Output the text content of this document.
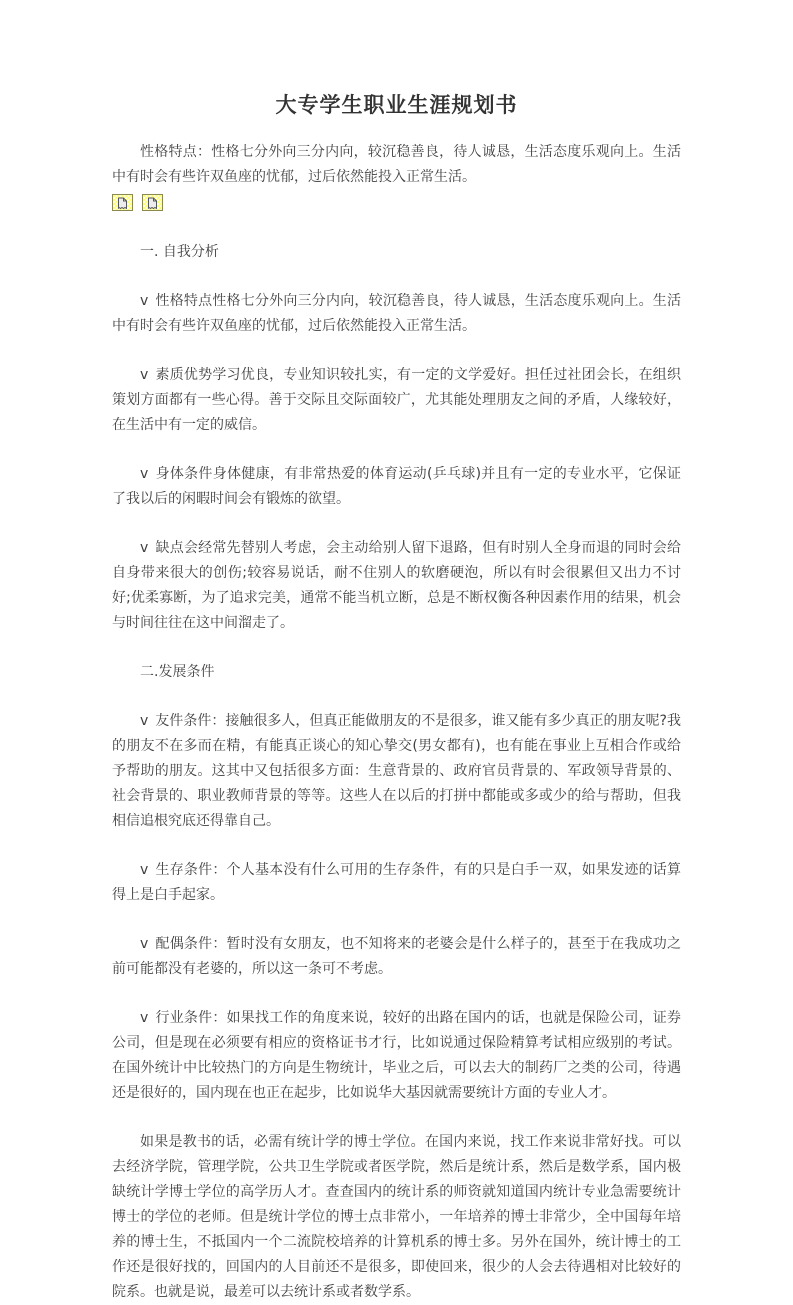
大专学生职业生涯规划书

性格特点：性格七分外向三分内向，较沉稳善良，待人诚恳，生活态度乐观向上。生活中有时会有些许双鱼座的忧郁，过后依然能投入正常生活。

一. 自我分析

v 性格特点性格七分外向三分内向，较沉稳善良，待人诚恳，生活态度乐观向上。生活中有时会有些许双鱼座的忧郁，过后依然能投入正常生活。

v 素质优势学习优良，专业知识较扎实，有一定的文学爱好。担任过社团会长，在组织策划方面都有一些心得。善于交际且交际面较广，尤其能处理朋友之间的矛盾，人缘较好，在生活中有一定的威信。

v 身体条件身体健康，有非常热爱的体育运动(乒乓球)并且有一定的专业水平，它保证了我以后的闲暇时间会有锻炼的欲望。

v 缺点会经常先替别人考虑，会主动给别人留下退路，但有时别人全身而退的同时会给自身带来很大的创伤;较容易说话，耐不住别人的软磨硬泡，所以有时会很累但又出力不讨好;优柔寡断，为了追求完美，通常不能当机立断，总是不断权衡各种因素作用的结果，机会与时间往往在这中间溜走了。

二.发展条件

v 友件条件：接触很多人，但真正能做朋友的不是很多，谁又能有多少真正的朋友呢?我的朋友不在多而在精，有能真正谈心的知心挚交(男女都有)，也有能在事业上互相合作或给予帮助的朋友。这其中又包括很多方面：生意背景的、政府官员背景的、军政领导背景的、社会背景的、职业教师背景的等等。这些人在以后的打拼中都能或多或少的给与帮助，但我相信追根究底还得靠自己。

v 生存条件：个人基本没有什么可用的生存条件，有的只是白手一双，如果发迹的话算得上是白手起家。

v 配偶条件：暂时没有女朋友，也不知将来的老婆会是什么样子的，甚至于在我成功之前可能都没有老婆的，所以这一条可不考虑。

v 行业条件：如果找工作的角度来说，较好的出路在国内的话，也就是保险公司，证券公司，但是现在必须要有相应的资格证书才行，比如说通过保险精算考试相应级别的考试。在国外统计中比较热门的方向是生物统计，毕业之后，可以去大的制药厂之类的公司，待遇还是很好的，国内现在也正在起步，比如说华大基因就需要统计方面的专业人才。

如果是教书的话，必需有统计学的博士学位。在国内来说，找工作来说非常好找。可以去经济学院，管理学院，公共卫生学院或者医学院，然后是统计系，然后是数学系，国内极缺统计学博士学位的高学历人才。查查国内的统计系的师资就知道国内统计专业急需要统计博士的学位的老师。但是统计学位的博士点非常小，一年培养的博士非常少，全中国每年培养的博士生，不抵国内一个二流院校培养的计算机系的博士多。另外在国外，统计博士的工作还是很好找的，回国内的人目前还不是很多，即使回来，很少的人会去待遇相对比较好的院系。也就是说，最差可以去统计系或者数学系。
